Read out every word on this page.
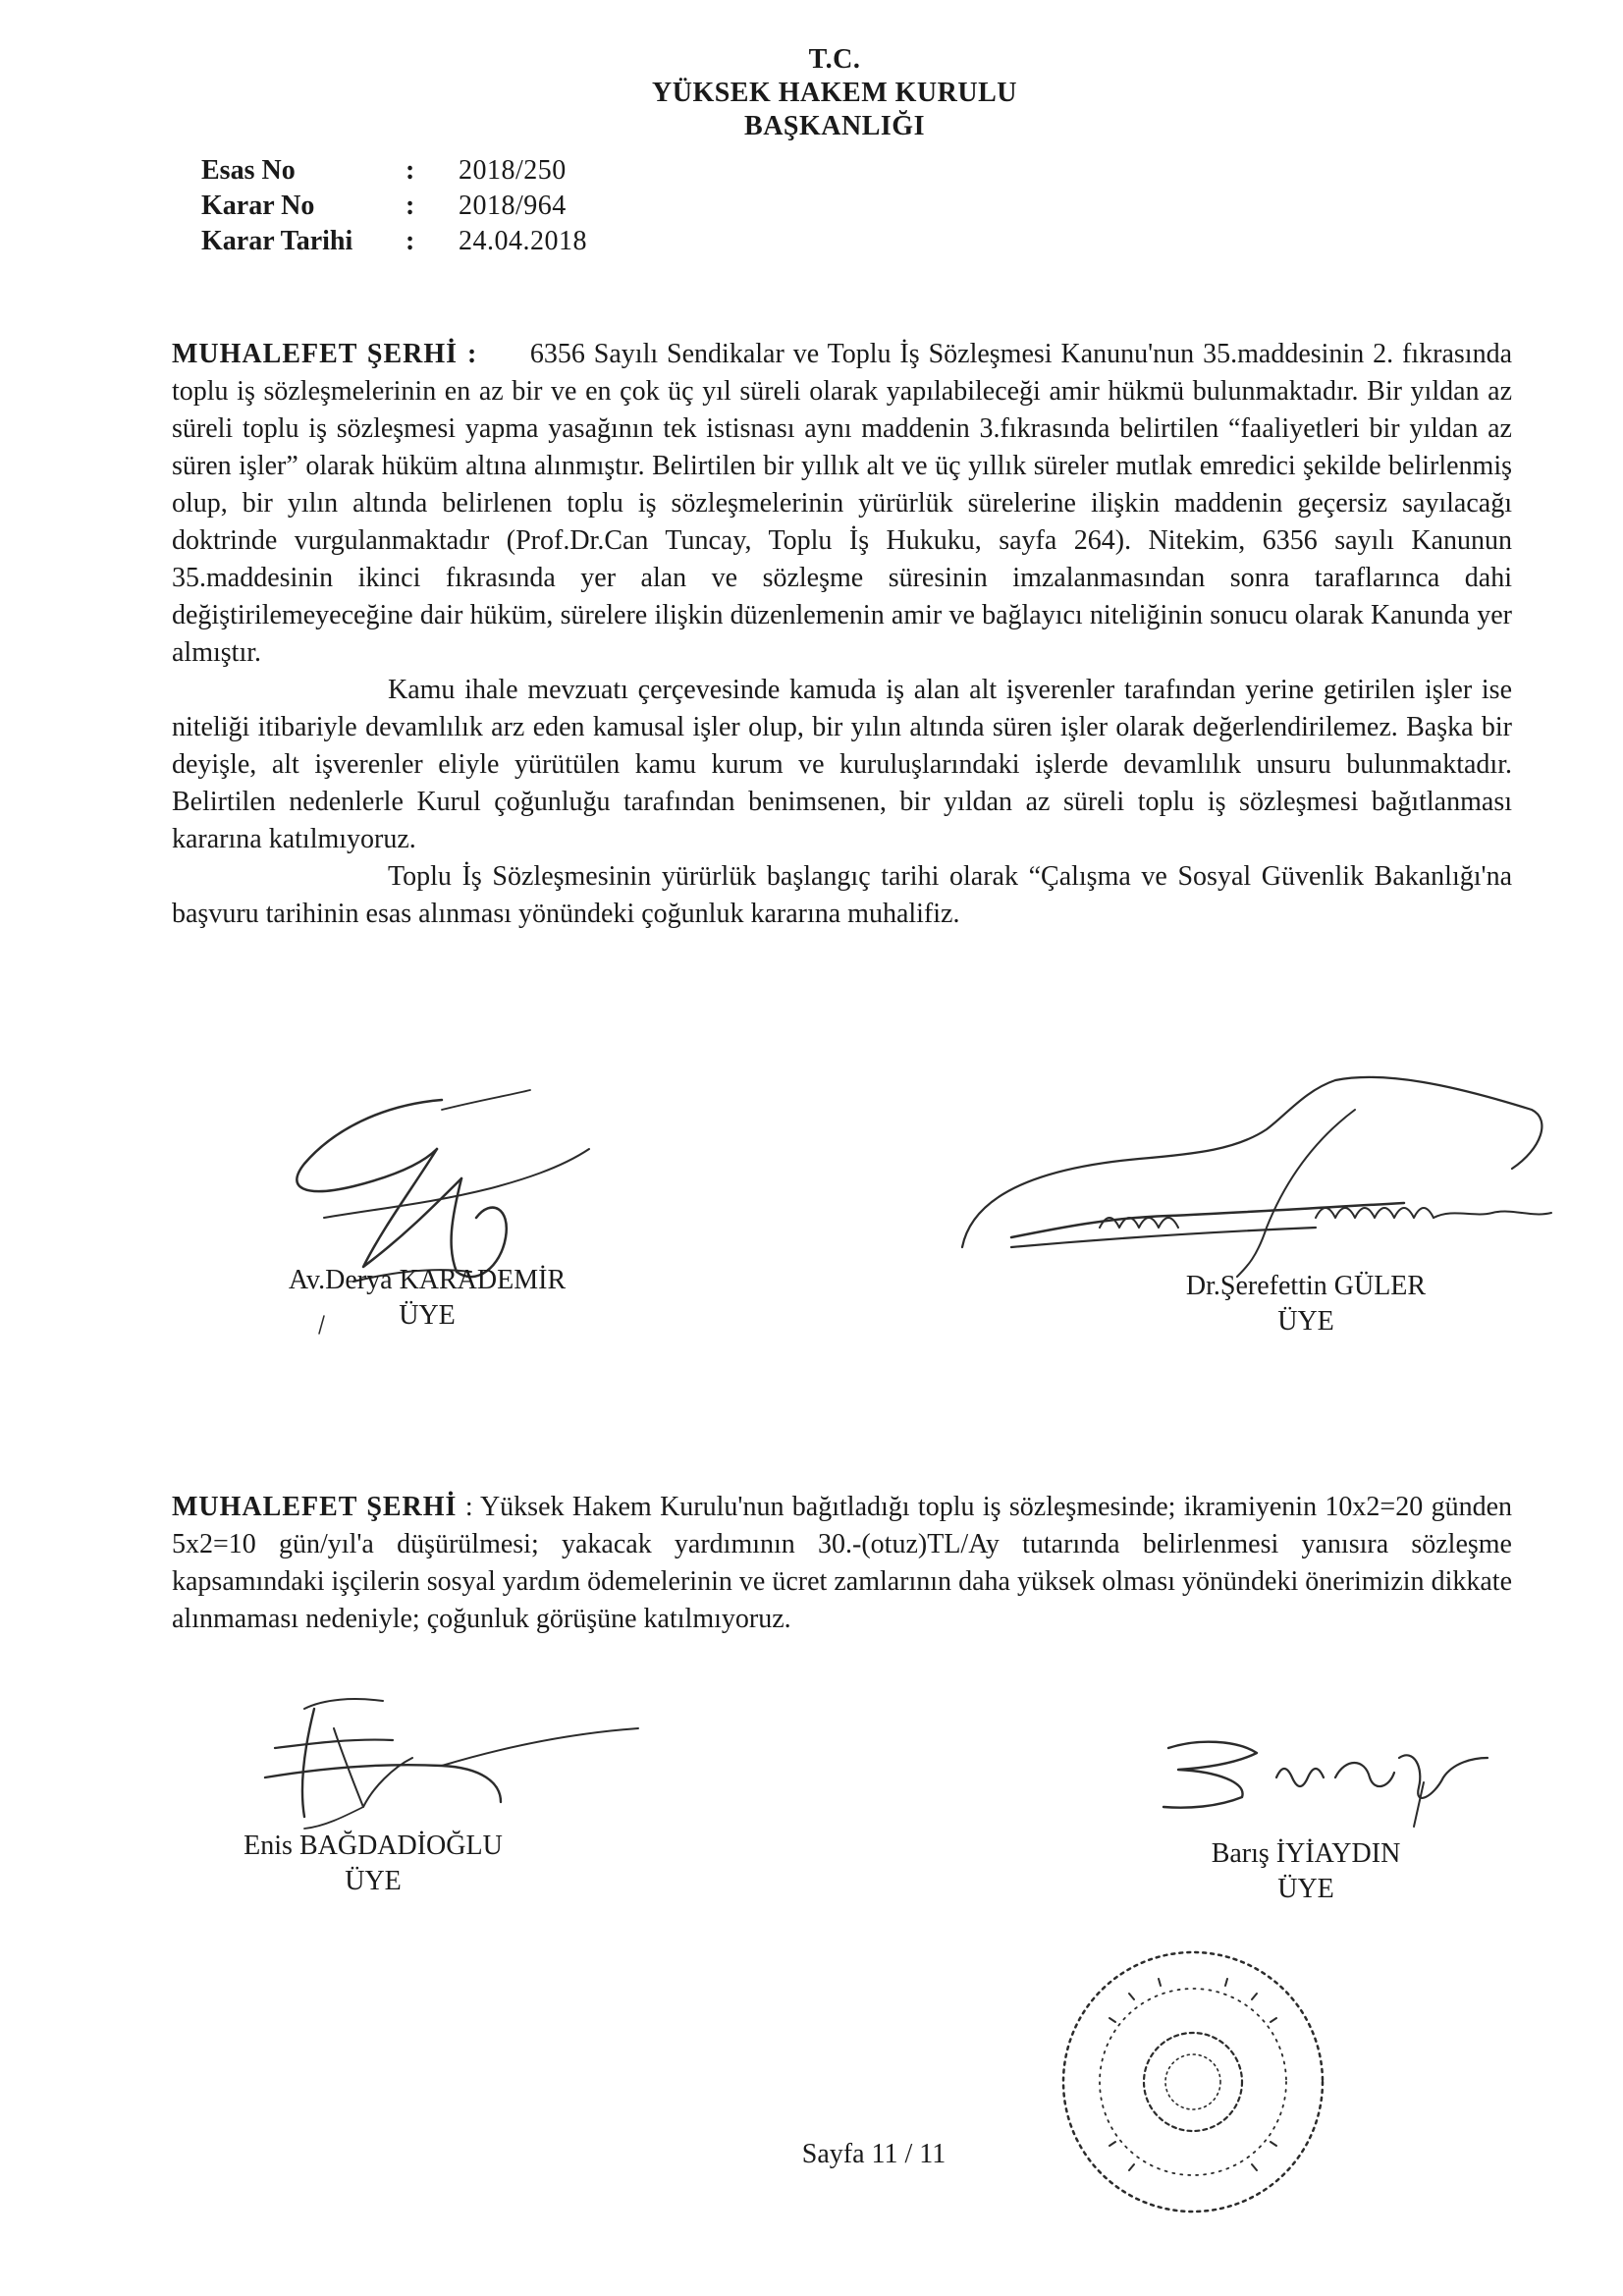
T.C.
YÜKSEK HAKEM KURULU
BAŞKANLIĞI
Esas No	:	2018/250
Karar No	:	2018/964
Karar Tarihi	:	24.04.2018

MUHALEFET ŞERHİ : 6356 Sayılı Sendikalar ve Toplu İş Sözleşmesi Kanunu'nun 35.maddesinin 2. fıkrasında toplu iş sözleşmelerinin en az bir ve en çok üç yıl süreli olarak yapılabileceği amir hükmü bulunmaktadır. Bir yıldan az süreli toplu iş sözleşmesi yapma yasağının tek istisnası aynı maddenin 3.fıkrasında belirtilen “faaliyetleri bir yıldan az süren işler” olarak hüküm altına alınmıştır. Belirtilen bir yıllık alt ve üç yıllık süreler mutlak emredici şekilde belirlenmiş olup, bir yılın altında belirlenen toplu iş sözleşmelerinin yürürlük sürelerine ilişkin maddenin geçersiz sayılacağı doktrinde vurgulanmaktadır (Prof.Dr.Can Tuncay, Toplu İş Hukuku, sayfa 264). Nitekim, 6356 sayılı Kanunun 35.maddesinin ikinci fıkrasında yer alan ve sözleşme süresinin imzalanmasından sonra taraflarınca dahi değiştirilemeyeceğine dair hüküm, sürelere ilişkin düzenlemenin amir ve bağlayıcı niteliğinin sonucu olarak Kanunda yer almıştır.

Kamu ihale mevzuatı çerçevesinde kamuda iş alan alt işverenler tarafından yerine getirilen işler ise niteliği itibariyle devamlılık arz eden kamusal işler olup, bir yılın altında süren işler olarak değerlendirilemez. Başka bir deyişle, alt işverenler eliyle yürütülen kamu kurum ve kuruluşlarındaki işlerde devamlılık unsuru bulunmaktadır. Belirtilen nedenlerle Kurul çoğunluğu tarafından benimsenen, bir yıldan az süreli toplu iş sözleşmesi bağıtlanması kararına katılmıyoruz.

Toplu İş Sözleşmesinin yürürlük başlangıç tarihi olarak “Çalışma ve Sosyal Güvenlik Bakanlığı'na başvuru tarihinin esas alınması yönündeki çoğunluk kararına muhalifiz.

Av.Derya KARADEMİR
ÜYE
Dr.Şerefettin GÜLER
ÜYE

MUHALEFET ŞERHİ : Yüksek Hakem Kurulu'nun bağıtladığı toplu iş sözleşmesinde; ikramiyenin 10x2=20 günden 5x2=10 gün/yıl'a düşürülmesi; yakacak yardımının 30.-(otuz)TL/Ay tutarında belirlenmesi yanısıra sözleşme kapsamındaki işçilerin sosyal yardım ödemelerinin ve ücret zamlarının daha yüksek olması yönündeki önerimizin dikkate alınmaması nedeniyle; çoğunluk görüşüne katılmıyoruz.

Enis BAĞDADİOĞLU
ÜYE
Barış İYİAYDIN
ÜYE
Sayfa 11 / 11
